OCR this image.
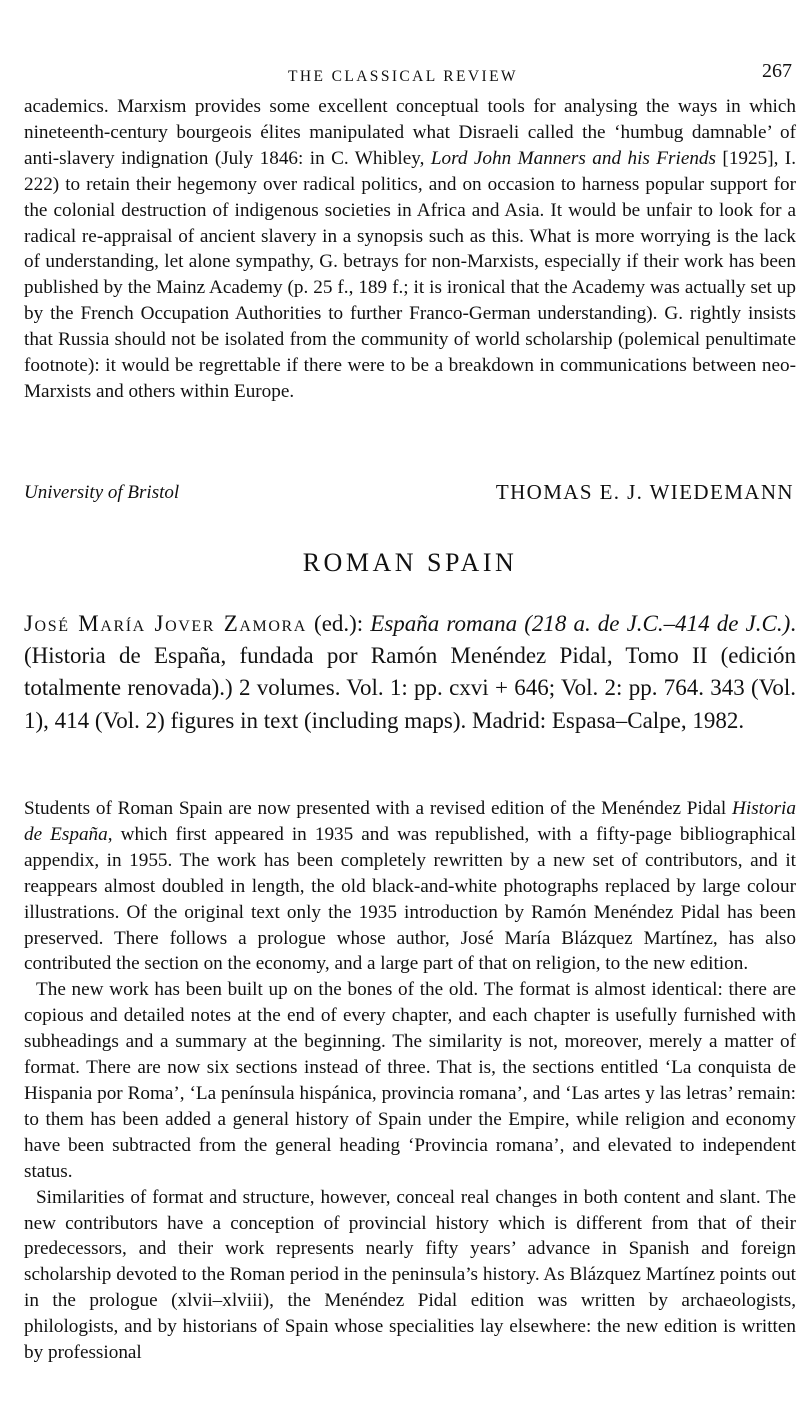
THE CLASSICAL REVIEW	267

academics. Marxism provides some excellent conceptual tools for analysing the ways in which nineteenth-century bourgeois élites manipulated what Disraeli called the ‘humbug damnable’ of anti-slavery indignation (July 1846: in C. Whibley, Lord John Manners and his Friends [1925], I. 222) to retain their hegemony over radical politics, and on occasion to harness popular support for the colonial destruction of indigenous societies in Africa and Asia. It would be unfair to look for a radical re-appraisal of ancient slavery in a synopsis such as this. What is more worrying is the lack of understanding, let alone sympathy, G. betrays for non-Marxists, especially if their work has been published by the Mainz Academy (p. 25 f., 189 f.; it is ironical that the Academy was actually set up by the French Occupation Authorities to further Franco-German understanding). G. rightly insists that Russia should not be isolated from the community of world scholarship (polemical penultimate footnote): it would be regrettable if there were to be a breakdown in communications between neo-Marxists and others within Europe.

University of Bristol	THOMAS E. J. WIEDEMANN
ROMAN SPAIN

José María Jover Zamora (ed.): España romana (218 a. de J.C.–414 de J.C.). (Historia de España, fundada por Ramón Menéndez Pidal, Tomo II (edición totalmente renovada).) 2 volumes. Vol. 1: pp. cxvi + 646; Vol. 2: pp. 764. 343 (Vol. 1), 414 (Vol. 2) figures in text (including maps). Madrid: Espasa–Calpe, 1982.

Students of Roman Spain are now presented with a revised edition of the Menéndez Pidal Historia de España, which first appeared in 1935 and was republished, with a fifty-page bibliographical appendix, in 1955. The work has been completely rewritten by a new set of contributors, and it reappears almost doubled in length, the old black-and-white photographs replaced by large colour illustrations. Of the original text only the 1935 introduction by Ramón Menéndez Pidal has been preserved. There follows a prologue whose author, José María Blázquez Martínez, has also contributed the section on the economy, and a large part of that on religion, to the new edition.

The new work has been built up on the bones of the old. The format is almost identical: there are copious and detailed notes at the end of every chapter, and each chapter is usefully furnished with subheadings and a summary at the beginning. The similarity is not, moreover, merely a matter of format. There are now six sections instead of three. That is, the sections entitled ‘La conquista de Hispania por Roma’, ‘La península hispánica, provincia romana’, and ‘Las artes y las letras’ remain: to them has been added a general history of Spain under the Empire, while religion and economy have been subtracted from the general heading ‘Provincia romana’, and elevated to independent status.

Similarities of format and structure, however, conceal real changes in both content and slant. The new contributors have a conception of provincial history which is different from that of their predecessors, and their work represents nearly fifty years’ advance in Spanish and foreign scholarship devoted to the Roman period in the peninsula’s history. As Blázquez Martínez points out in the prologue (xlvii–xlviii), the Menéndez Pidal edition was written by archaeologists, philologists, and by historians of Spain whose specialities lay elsewhere: the new edition is written by professional
